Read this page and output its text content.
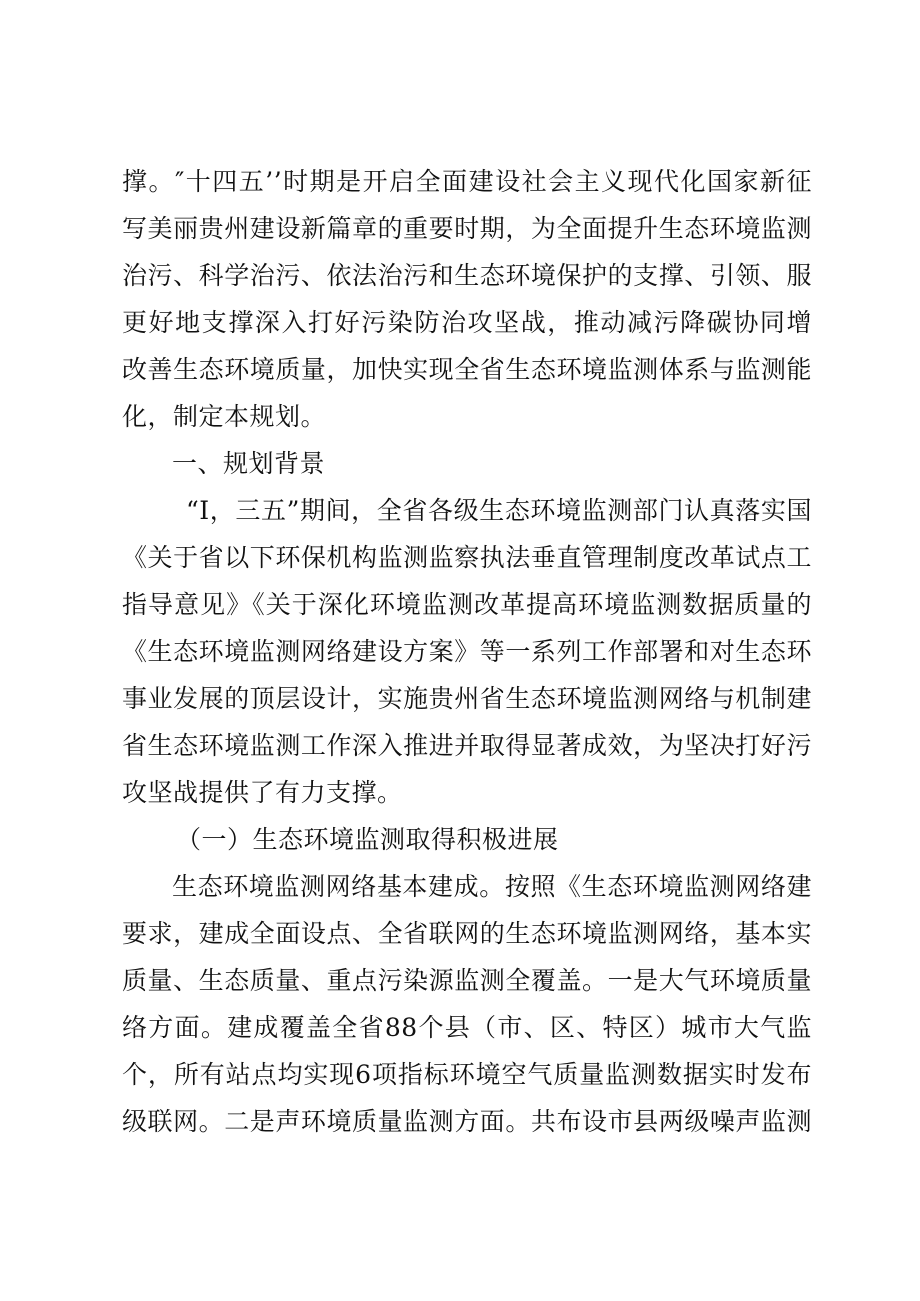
撑。″十四五’’时期是开启全面建设社会主义现代化国家新征
写美丽贵州建设新篇章的重要时期，为全面提升生态环境监测
治污、科学治污、依法治污和生态环境保护的支撑、引领、服
更好地支撑深入打好污染防治攻坚战，推动减污降碳协同增
改善生态环境质量，加快实现全省生态环境监测体系与监测能
化，制定本规划。
一、规划背景
“I，三五”期间，全省各级生态环境监测部门认真落实国
《关于省以下环保机构监测监察执法垂直管理制度改革试点工
指导意见》《关于深化环境监测改革提高环境监测数据质量的
《生态环境监测网络建设方案》等一系列工作部署和对生态环
事业发展的顶层设计，实施贵州省生态环境监测网络与机制建
省生态环境监测工作深入推进并取得显著成效，为坚决打好污
攻坚战提供了有力支撑。
（一）生态环境监测取得积极进展
生态环境监测网络基本建成。按照《生态环境监测网络建
要求，建成全面设点、全省联网的生态环境监测网络，基本实
质量、生态质量、重点污染源监测全覆盖。一是大气环境质量
络方面。建成覆盖全省88个县（市、区、特区）城市大气监
个，所有站点均实现6项指标环境空气质量监测数据实时发布
级联网。二是声环境质量监测方面。共布设市县两级噪声监测
